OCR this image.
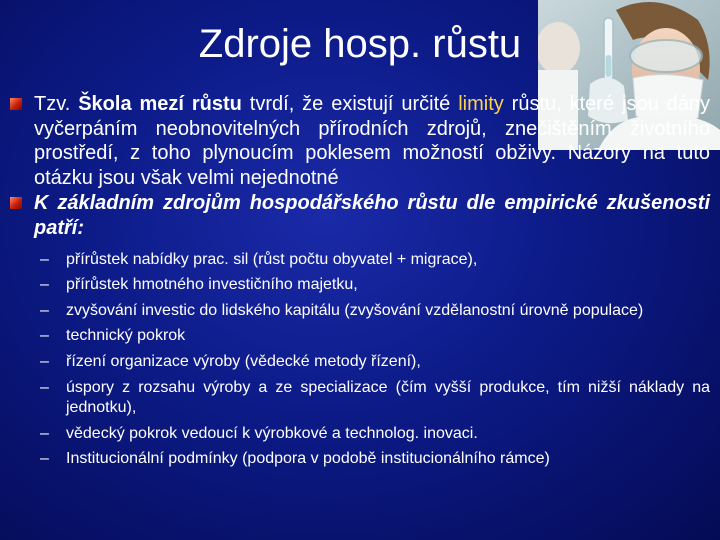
Zdroje hosp. růstu
Tzv. Škola mezí růstu tvrdí, že existují určité limity růstu, které jsou dány vyčerpáním neobnovitelných přírodních zdrojů, znečištěním životního prostředí, z toho plynoucím poklesem možností obživy. Názory na tuto otázku jsou však velmi nejednotné
K základním zdrojům hospodářského růstu dle empirické zkušenosti patří:
– přírůstek nabídky prac. sil (růst počtu obyvatel + migrace),
– přírůstek hmotného investičního majetku,
– zvyšování investic do lidského kapitálu (zvyšování vzdělanostní úrovně populace)
– technický pokrok
– řízení organizace výroby (vědecké metody řízení),
– úspory z rozsahu výroby a ze specializace (čím vyšší produkce, tím nižší náklady na jednotku),
– vědecký pokrok vedoucí k výrobkové a technolog. inovaci.
– Institucionální podmínky (podpora v podobě institucionálního rámce)
